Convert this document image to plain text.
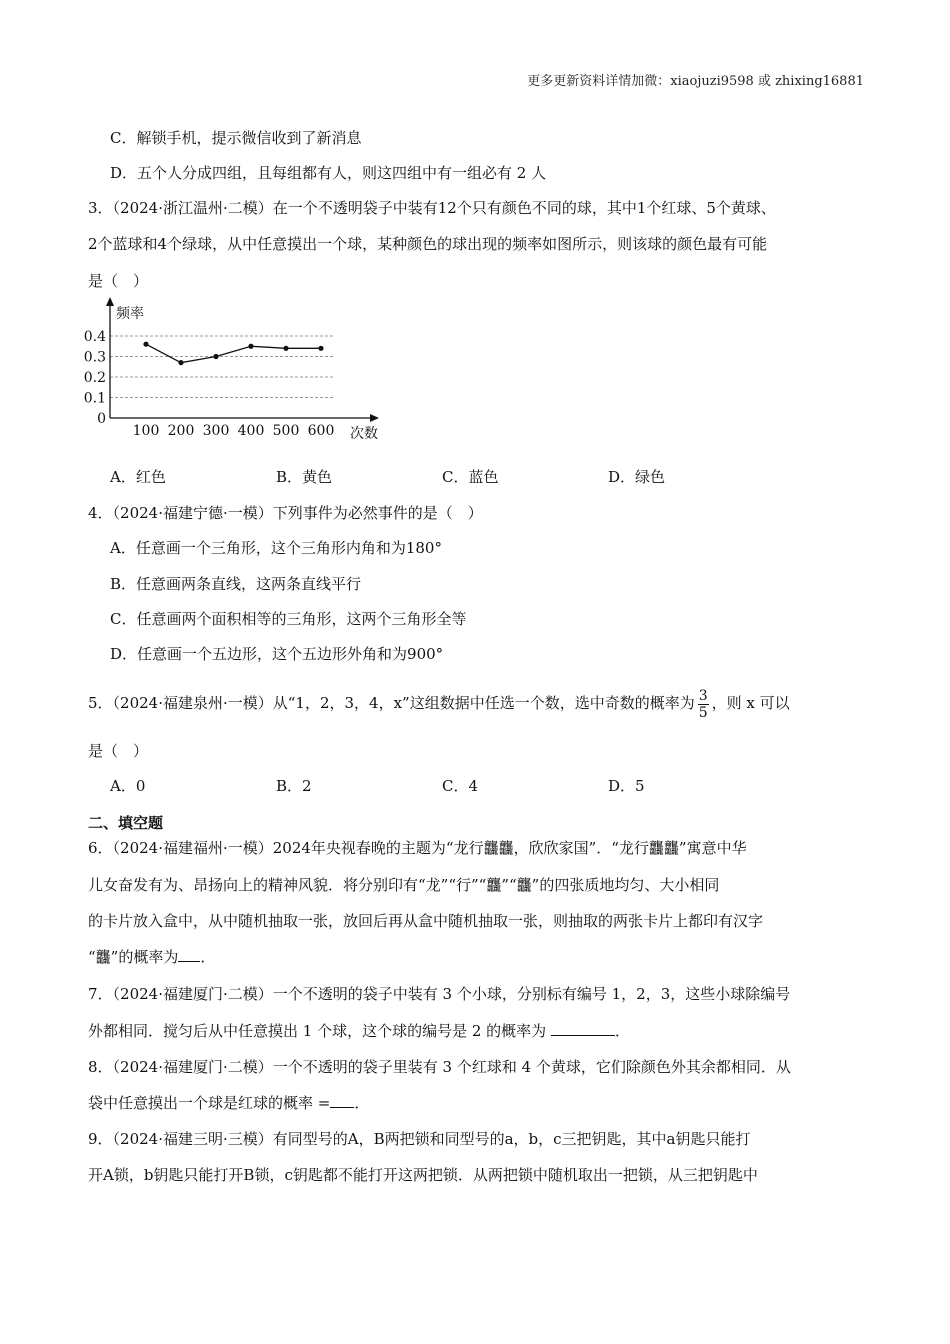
更多更新资料详情加微：xiaojuzi9598 或 zhixing16881
C．解锁手机，提示微信收到了新消息
D．五个人分成四组，且每组都有人，则这四组中有一组必有 2 人
3．（2024·浙江温州·二模）在一个不透明袋子中装有12个只有颜色不同的球，其中1个红球、5个黄球、
2个蓝球和4个绿球，从中任意摸出一个球，某种颜色的球出现的频率如图所示，则该球的颜色最有可能
是（　）
频率
次数
0
0.1
0.2
0.3
0.4
100 200 300 400 500 600
A．红色	B．黄色	C．蓝色	D．绿色
4．（2024·福建宁德·一模）下列事件为必然事件的是（　）
A．任意画一个三角形，这个三角形内角和为180°
B．任意画两条直线，这两条直线平行
C．任意画两个面积相等的三角形，这两个三角形全等
D．任意画一个五边形，这个五边形外角和为900°
5．（2024·福建泉州·一模）从“1，2，3，4，x”这组数据中任选一个数，选中奇数的概率为 $\frac{3}{5}$ ，则 x 可以
是（　）
A．0	B．2	C．4	D．5
二、填空题
6．（2024·福建福州·一模）2024年央视春晚的主题为“龙行龘龘，欣欣家国”．“龙行龘龘”寓意中华
儿女奋发有为、昂扬向上的精神风貌．将分别印有“龙”“行”“龘”“龘”的四张质地均匀、大小相同
的卡片放入盒中，从中随机抽取一张，放回后再从盒中随机抽取一张，则抽取的两张卡片上都印有汉字
“龘”的概率为 ．
7．（2024·福建厦门·二模）一个不透明的袋子中装有 3 个小球，分别标有编号 1，2，3，这些小球除编号
外都相同．搅匀后从中任意摸出 1 个球，这个球的编号是 2 的概率为	．
8．（2024·福建厦门·二模）一个不透明的袋子里装有 3 个红球和 4 个黄球，它们除颜色外其余都相同．从
袋中任意摸出一个球是红球的概率 = ．
9．（2024·福建三明·三模）有同型号的A，B两把锁和同型号的a，b，c三把钥匙，其中a钥匙只能打
开A锁，b钥匙只能打开B锁，c钥匙都不能打开这两把锁．从两把锁中随机取出一把锁，从三把钥匙中
